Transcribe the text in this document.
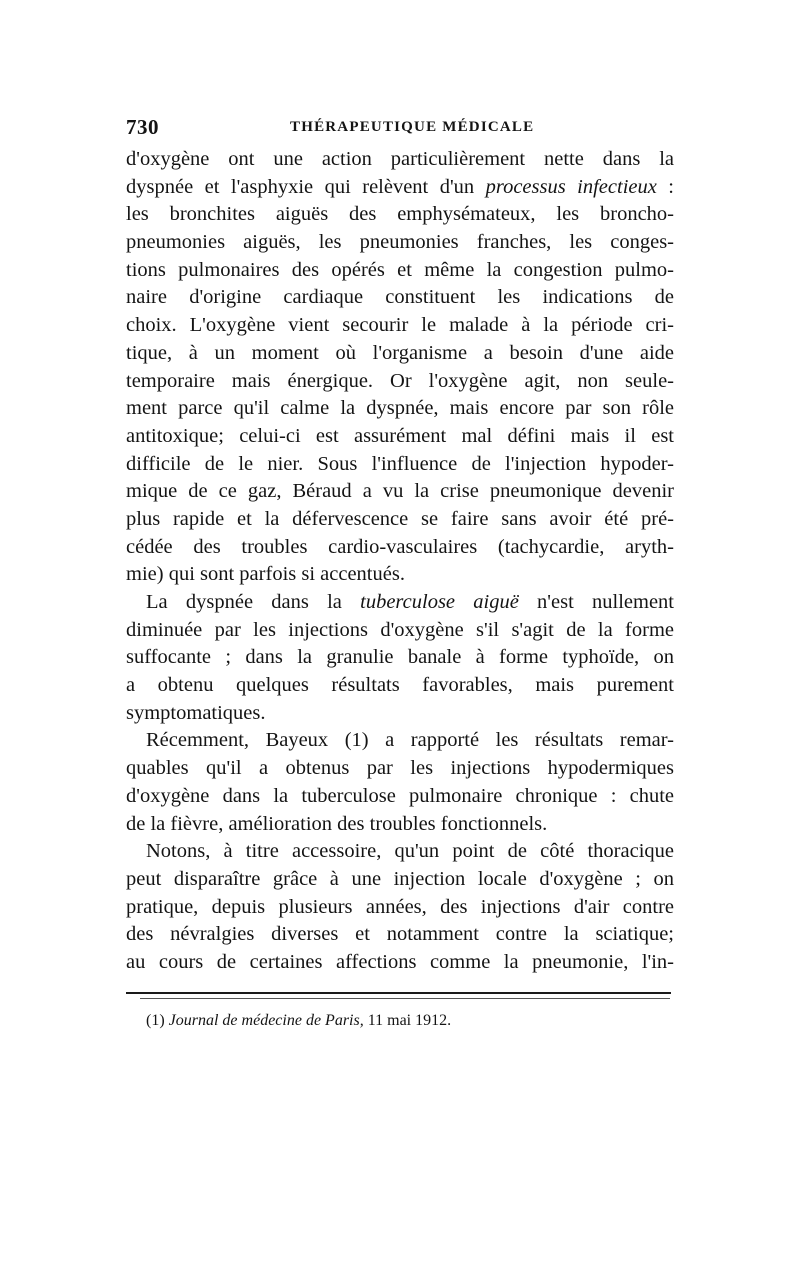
730	THÉRAPEUTIQUE MÉDICALE
d'oxygène ont une action particulièrement nette dans la
dyspnée et l'asphyxie qui relèvent d'un processus infectieux :
les bronchites aiguës des emphysémateux, les broncho-
pneumonies aiguës, les pneumonies franches, les conges-
tions pulmonaires des opérés et même la congestion pulmo-
naire d'origine cardiaque constituent les indications de
choix. L'oxygène vient secourir le malade à la période cri-
tique, à un moment où l'organisme a besoin d'une aide
temporaire mais énergique. Or l'oxygène agit, non seule-
ment parce qu'il calme la dyspnée, mais encore par son rôle
antitoxique; celui-ci est assurément mal défini mais il est
difficile de le nier. Sous l'influence de l'injection hypoder-
mique de ce gaz, Béraud a vu la crise pneumonique devenir
plus rapide et la défervescence se faire sans avoir été pré-
cédée des troubles cardio-vasculaires (tachycardie, aryth-
mie) qui sont parfois si accentués.
La dyspnée dans la tuberculose aiguë n'est nullement
diminuée par les injections d'oxygène s'il s'agit de la forme
suffocante ; dans la granulie banale à forme typhoïde, on
a obtenu quelques résultats favorables, mais purement
symptomatiques.
Récemment, Bayeux (1) a rapporté les résultats remar-
quables qu'il a obtenus par les injections hypodermiques
d'oxygène dans la tuberculose pulmonaire chronique : chute
de la fièvre, amélioration des troubles fonctionnels.
Notons, à titre accessoire, qu'un point de côté thoracique
peut disparaître grâce à une injection locale d'oxygène ; on
pratique, depuis plusieurs années, des injections d'air contre
des névralgies diverses et notamment contre la sciatique;
au cours de certaines affections comme la pneumonie, l'in-
(1) Journal de médecine de Paris, 11 mai 1912.
